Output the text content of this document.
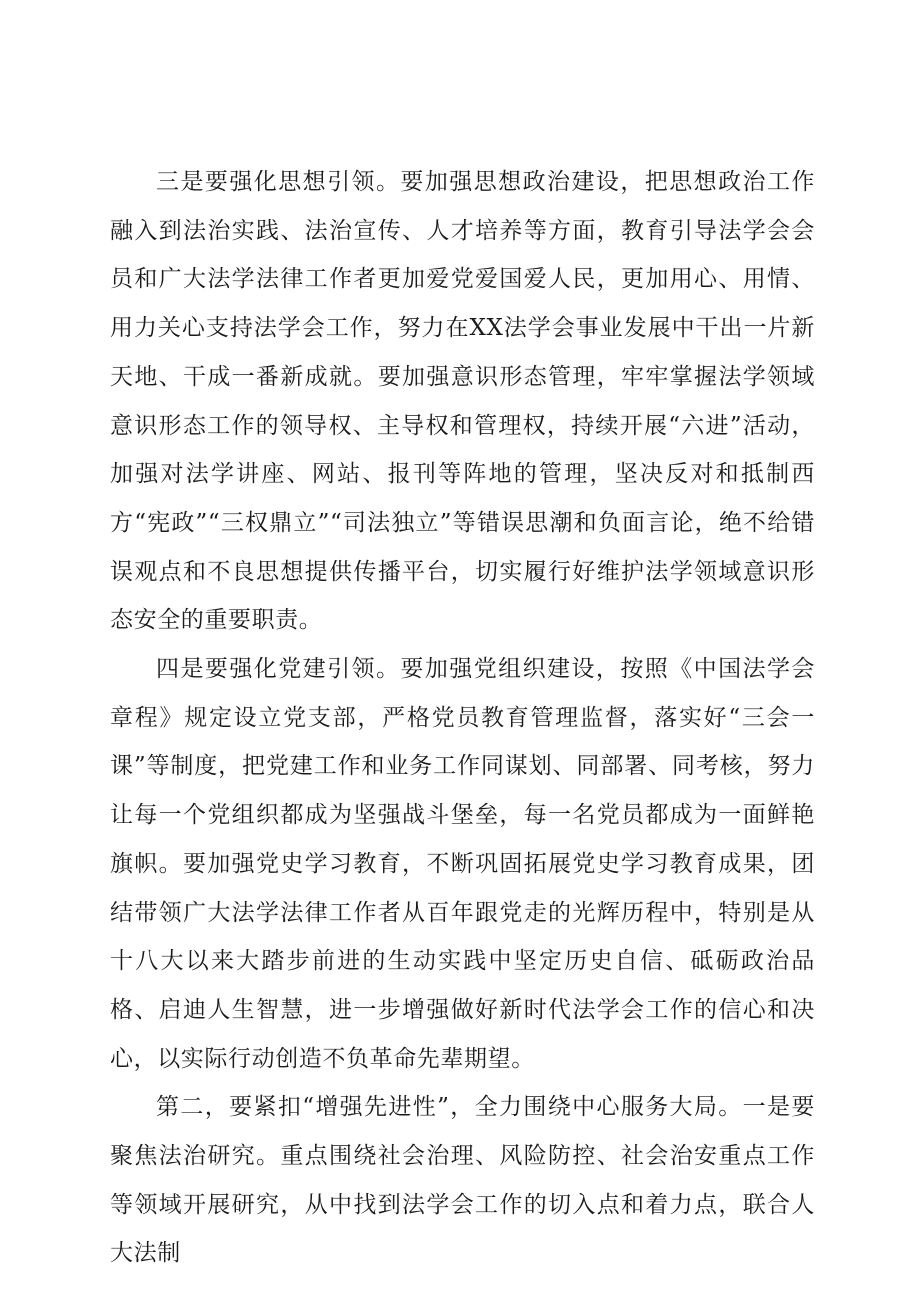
三是要强化思想引领。要加强思想政治建设，把思想政治工作融入到法治实践、法治宣传、人才培养等方面，教育引导法学会会员和广大法学法律工作者更加爱党爱国爱人民，更加用心、用情、用力关心支持法学会工作，努力在XX法学会事业发展中干出一片新天地、干成一番新成就。要加强意识形态管理，牢牢掌握法学领域意识形态工作的领导权、主导权和管理权，持续开展“六进”活动，加强对法学讲座、网站、报刊等阵地的管理，坚决反对和抵制西方“宪政”“三权鼎立”“司法独立”等错误思潮和负面言论，绝不给错误观点和不良思想提供传播平台，切实履行好维护法学领域意识形态安全的重要职责。

四是要强化党建引领。要加强党组织建设，按照《中国法学会章程》规定设立党支部，严格党员教育管理监督，落实好“三会一课”等制度，把党建工作和业务工作同谋划、同部署、同考核，努力让每一个党组织都成为坚强战斗堡垒，每一名党员都成为一面鲜艳旗帜。要加强党史学习教育，不断巩固拓展党史学习教育成果，团结带领广大法学法律工作者从百年跟党走的光辉历程中，特别是从十八大以来大踏步前进的生动实践中坚定历史自信、砥砺政治品格、启迪人生智慧，进一步增强做好新时代法学会工作的信心和决心，以实际行动创造不负革命先辈期望。

第二，要紧扣“增强先进性”，全力围绕中心服务大局。一是要聚焦法治研究。重点围绕社会治理、风险防控、社会治安重点工作等领域开展研究，从中找到法学会工作的切入点和着力点，联合人大法制
